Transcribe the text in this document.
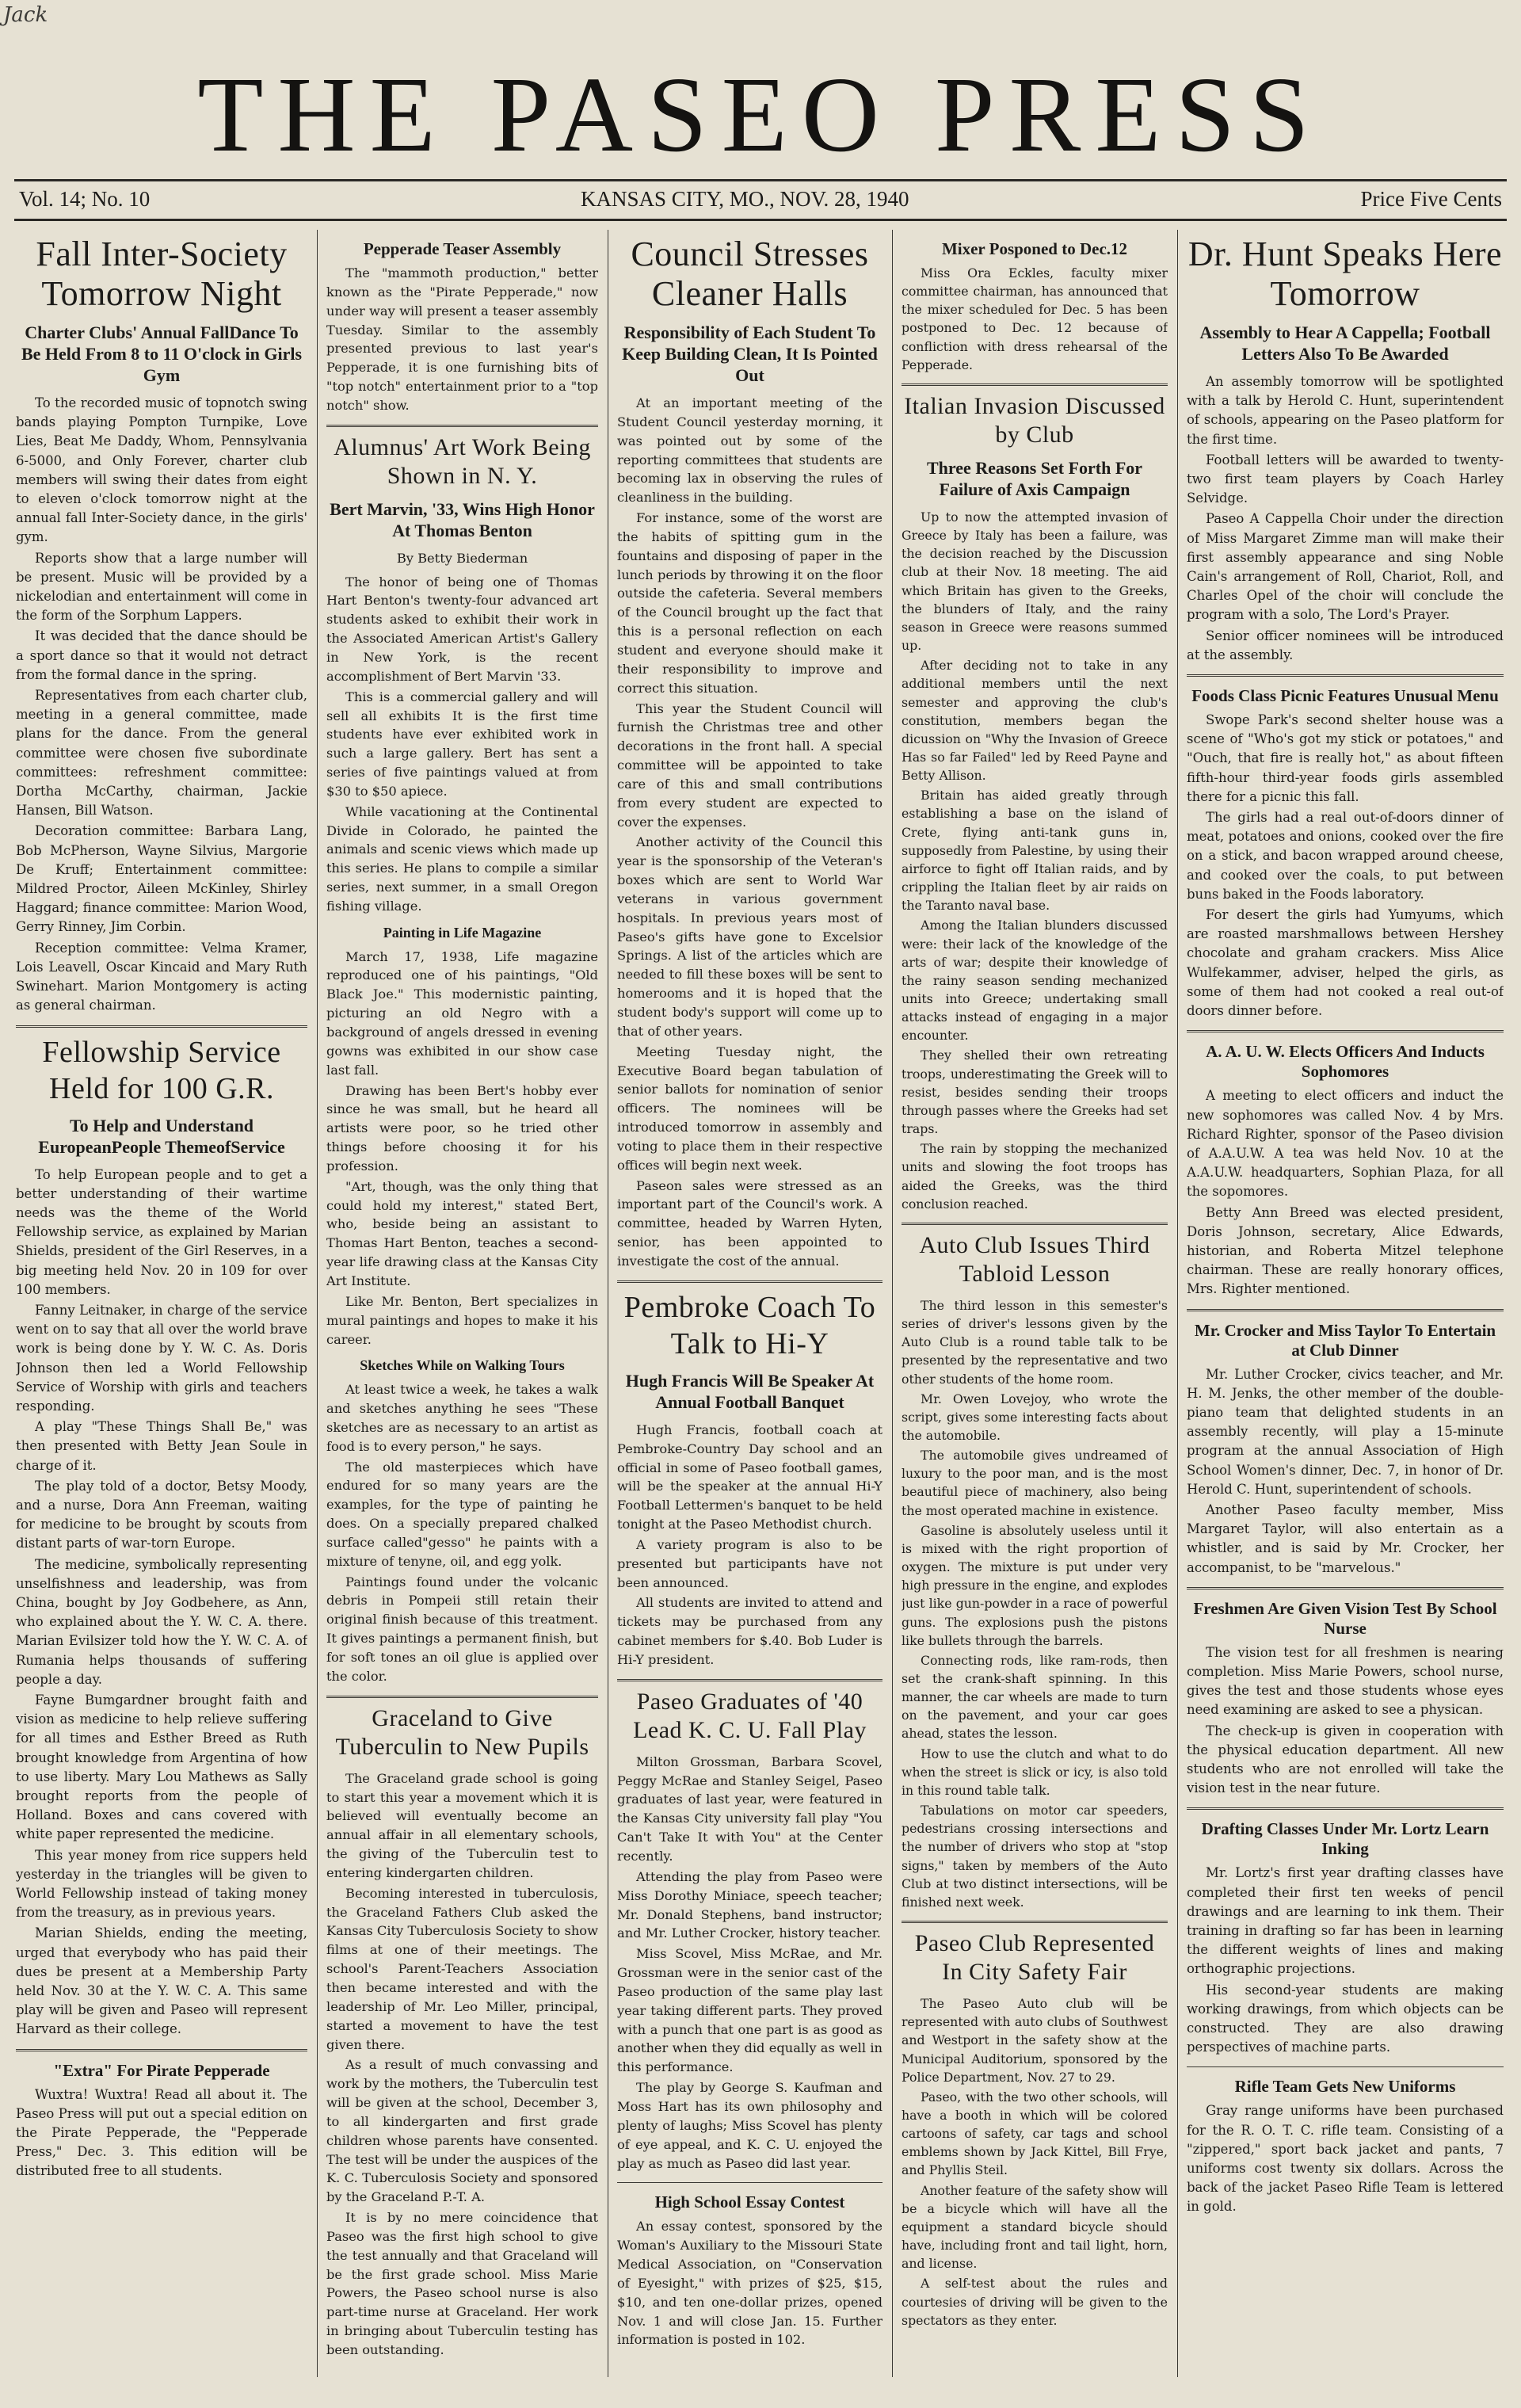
Jack
THE PASEO PRESS
Vol. 14; No. 10	KANSAS CITY, MO., NOV. 28, 1940	Price Five Cents
Fall Inter-Society Tomorrow Night
Charter Clubs' Annual FallDance To Be Held From 8 to 11 O'clock in Girls Gym

To the recorded music of topnotch swing bands playing Pompton Turnpike, Love Lies, Beat Me Daddy, Whom, Pennsylvania 6-5000, and Only Forever, charter club members will swing their dates from eight to eleven o'clock tomorrow night at the annual fall Inter-Society dance, in the girls' gym.

Reports show that a large number will be present. Music will be provided by a nickelodian and entertainment will come in the form of the Sorphum Lappers.

It was decided that the dance should be a sport dance so that it would not detract from the formal dance in the spring.

Representatives from each charter club, meeting in a general committee, made plans for the dance. From the general committee were chosen five subordinate committees: refreshment committee: Dortha McCarthy, chairman, Jackie Hansen, Bill Watson.

Decoration committee: Barbara Lang, Bob McPherson, Wayne Silvius, Margorie De Kruff; Entertainment committee: Mildred Proctor, Aileen McKinley, Shirley Haggard; finance committee: Marion Wood, Gerry Rinney, Jim Corbin.

Reception committee: Velma Kramer, Lois Leavell, Oscar Kincaid and Mary Ruth Swinehart. Marion Montgomery is acting as general chairman.

Fellowship Service Held for 100 G.R.
To Help and Understand EuropeanPeople ThemeofService

To help European people and to get a better understanding of their wartime needs was the theme of the World Fellowship service, as explained by Marian Shields, president of the Girl Reserves, in a big meeting held Nov. 20 in 109 for over 100 members.

Fanny Leitnaker, in charge of the service went on to say that all over the world brave work is being done by Y. W. C. As. Doris Johnson then led a World Fellowship Service of Worship with girls and teachers responding.

A play "These Things Shall Be," was then presented with Betty Jean Soule in charge of it.

The play told of a doctor, Betsy Moody, and a nurse, Dora Ann Freeman, waiting for medicine to be brought by scouts from distant parts of war-torn Europe.

The medicine, symbolically representing unselfishness and leadership, was from China, bought by Joy Godbehere, as Ann, who explained about the Y. W. C. A. there. Marian Evilsizer told how the Y. W. C. A. of Rumania helps thousands of suffering people a day.

Fayne Bumgardner brought faith and vision as medicine to help relieve suffering for all times and Esther Breed as Ruth brought knowledge from Argentina of how to use liberty. Mary Lou Mathews as Sally brought reports from the people of Holland. Boxes and cans covered with white paper represented the medicine.

This year money from rice suppers held yesterday in the triangles will be given to World Fellowship instead of taking money from the treasury, as in previous years.

Marian Shields, ending the meeting, urged that everybody who has paid their dues be present at a Membership Party held Nov. 30 at the Y. W. C. A. This same play will be given and Paseo will represent Harvard as their college.

"Extra" For Pirate Pepperade

Wuxtra! Wuxtra! Read all about it. The Paseo Press will put out a special edition on the Pirate Pepperade, the "Pepperade Press," Dec. 3. This edition will be distributed free to all students.

Pepperade Teaser Assembly

The "mammoth production," better known as the "Pirate Pepperade," now under way will present a teaser assembly Tuesday. Similar to the assembly presented previous to last year's Pepperade, it is one furnishing bits of "top notch" entertainment prior to a "top notch" show.

Alumnus' Art Work Being Shown in N. Y.
Bert Marvin, '33, Wins High Honor At Thomas Benton
By Betty Biederman

The honor of being one of Thomas Hart Benton's twenty-four advanced art students asked to exhibit their work in the Associated American Artist's Gallery in New York, is the recent accomplishment of Bert Marvin '33.

This is a commercial gallery and will sell all exhibits It is the first time students have ever exhibited work in such a large gallery. Bert has sent a series of five paintings valued at from $30 to $50 apiece.

While vacationing at the Continental Divide in Colorado, he painted the animals and scenic views which made up this series. He plans to compile a similar series, next summer, in a small Oregon fishing village.

Painting in Life Magazine

March 17, 1938, Life magazine reproduced one of his paintings, "Old Black Joe." This modernistic painting, picturing an old Negro with a background of angels dressed in evening gowns was exhibited in our show case last fall.

Drawing has been Bert's hobby ever since he was small, but he heard all artists were poor, so he tried other things before choosing it for his profession.

"Art, though, was the only thing that could hold my interest," stated Bert, who, beside being an assistant to Thomas Hart Benton, teaches a second-year life drawing class at the Kansas City Art Institute.

Like Mr. Benton, Bert specializes in mural paintings and hopes to make it his career.

Sketches While on Walking Tours

At least twice a week, he takes a walk and sketches anything he sees "These sketches are as necessary to an artist as food is to every person," he says.

The old masterpieces which have endured for so many years are the examples, for the type of painting he does. On a specially prepared chalked surface called"gesso" he paints with a mixture of tenyne, oil, and egg yolk.

Paintings found under the volcanic debris in Pompeii still retain their original finish because of this treatment. It gives paintings a permanent finish, but for soft tones an oil glue is applied over the color.

Graceland to Give Tuberculin to New Pupils

The Graceland grade school is going to start this year a movement which it is believed will eventually become an annual affair in all elementary schools, the giving of the Tuberculin test to entering kindergarten children.

Becoming interested in tuberculosis, the Graceland Fathers Club asked the Kansas City Tuberculosis Society to show films at one of their meetings. The school's Parent-Teachers Association then became interested and with the leadership of Mr. Leo Miller, principal, started a movement to have the test given there.

As a result of much convassing and work by the mothers, the Tuberculin test will be given at the school, December 3, to all kindergarten and first grade children whose parents have consented. The test will be under the auspices of the K. C. Tuberculosis Society and sponsored by the Graceland P.-T. A.

It is by no mere coincidence that Paseo was the first high school to give the test annually and that Graceland will be the first grade school. Miss Marie Powers, the Paseo school nurse is also part-time nurse at Graceland. Her work in bringing about Tuberculin testing has been outstanding.

Council Stresses Cleaner Halls
Responsibility of Each Student To Keep Building Clean, It Is Pointed Out

At an important meeting of the Student Council yesterday morning, it was pointed out by some of the reporting committees that students are becoming lax in observing the rules of cleanliness in the building.

For instance, some of the worst are the habits of spitting gum in the fountains and disposing of paper in the lunch periods by throwing it on the floor outside the cafeteria. Several members of the Council brought up the fact that this is a personal reflection on each student and everyone should make it their responsibility to improve and correct this situation.

This year the Student Council will furnish the Christmas tree and other decorations in the front hall. A special committee will be appointed to take care of this and small contributions from every student are expected to cover the expenses.

Another activity of the Council this year is the sponsorship of the Veteran's boxes which are sent to World War veterans in various government hospitals. In previous years most of Paseo's gifts have gone to Excelsior Springs. A list of the articles which are needed to fill these boxes will be sent to homerooms and it is hoped that the student body's support will come up to that of other years.

Meeting Tuesday night, the Executive Board began tabulation of senior ballots for nomination of senior officers. The nominees will be introduced tomorrow in assembly and voting to place them in their respective offices will begin next week.

Paseon sales were stressed as an important part of the Council's work. A committee, headed by Warren Hyten, senior, has been appointed to investigate the cost of the annual.

Pembroke Coach To Talk to Hi-Y
Hugh Francis Will Be Speaker At Annual Football Banquet

Hugh Francis, football coach at Pembroke-Country Day school and an official in some of Paseo football games, will be the speaker at the annual Hi-Y Football Lettermen's banquet to be held tonight at the Paseo Methodist church.

A variety program is also to be presented but participants have not been announced.

All students are invited to attend and tickets may be purchased from any cabinet members for $.40. Bob Luder is Hi-Y president.

Paseo Graduates of '40 Lead K. C. U. Fall Play

Milton Grossman, Barbara Scovel, Peggy McRae and Stanley Seigel, Paseo graduates of last year, were featured in the Kansas City university fall play "You Can't Take It with You" at the Center recently.

Attending the play from Paseo were Miss Dorothy Miniace, speech teacher; Mr. Donald Stephens, band instructor; and Mr. Luther Crocker, history teacher.

Miss Scovel, Miss McRae, and Mr. Grossman were in the senior cast of the Paseo production of the same play last year taking different parts. They proved with a punch that one part is as good as another when they did equally as well in this performance.

The play by George S. Kaufman and Moss Hart has its own philosophy and plenty of laughs; Miss Scovel has plenty of eye appeal, and K. C. U. enjoyed the play as much as Paseo did last year.

High School Essay Contest

An essay contest, sponsored by the Woman's Auxiliary to the Missouri State Medical Association, on "Conservation of Eyesight," with prizes of $25, $15, $10, and ten one-dollar prizes, opened Nov. 1 and will close Jan. 15. Further information is posted in 102.

Mixer Posponed to Dec.12

Miss Ora Eckles, faculty mixer committee chairman, has announced that the mixer scheduled for Dec. 5 has been postponed to Dec. 12 because of confliction with dress rehearsal of the Pepperade.

Italian Invasion Discussed by Club
Three Reasons Set Forth For Failure of Axis Campaign

Up to now the attempted invasion of Greece by Italy has been a failure, was the decision reached by the Discussion club at their Nov. 18 meeting. The aid which Britain has given to the Greeks, the blunders of Italy, and the rainy season in Greece were reasons summed up.

After deciding not to take in any additional members until the next semester and approving the club's constitution, members began the dicussion on "Why the Invasion of Greece Has so far Failed" led by Reed Payne and Betty Allison.

Britain has aided greatly through establishing a base on the island of Crete, flying anti-tank guns in, supposedly from Palestine, by using their airforce to fight off Italian raids, and by crippling the Italian fleet by air raids on the Taranto naval base.

Among the Italian blunders discussed were: their lack of the knowledge of the arts of war; despite their knowledge of the rainy season sending mechanized units into Greece; undertaking small attacks instead of engaging in a major encounter.

They shelled their own retreating troops, underestimating the Greek will to resist, besides sending their troops through passes where the Greeks had set traps.

The rain by stopping the mechanized units and slowing the foot troops has aided the Greeks, was the third conclusion reached.

Auto Club Issues Third Tabloid Lesson

The third lesson in this semester's series of driver's lessons given by the Auto Club is a round table talk to be presented by the representative and two other students of the home room.

Mr. Owen Lovejoy, who wrote the script, gives some interesting facts about the automobile.

The automobile gives undreamed of luxury to the poor man, and is the most beautiful piece of machinery, also being the most operated machine in existence.

Gasoline is absolutely useless until it is mixed with the right proportion of oxygen. The mixture is put under very high pressure in the engine, and explodes just like gun-powder in a race of powerful guns. The explosions push the pistons like bullets through the barrels.

Connecting rods, like ram-rods, then set the crank-shaft spinning. In this manner, the car wheels are made to turn on the pavement, and your car goes ahead, states the lesson.

How to use the clutch and what to do when the street is slick or icy, is also told in this round table talk.

Tabulations on motor car speeders, pedestrians crossing intersections and the number of drivers who stop at "stop signs," taken by members of the Auto Club at two distinct intersections, will be finished next week.

Paseo Club Represented In City Safety Fair

The Paseo Auto club will be represented with auto clubs of Southwest and Westport in the safety show at the Municipal Auditorium, sponsored by the Police Department, Nov. 27 to 29.

Paseo, with the two other schools, will have a booth in which will be colored cartoons of safety, car tags and school emblems shown by Jack Kittel, Bill Frye, and Phyllis Steil.

Another feature of the safety show will be a bicycle which will have all the equipment a standard bicycle should have, including front and tail light, horn, and license.

A self-test about the rules and courtesies of driving will be given to the spectators as they enter.

Dr. Hunt Speaks Here Tomorrow
Assembly to Hear A Cappella; Football Letters Also To Be Awarded

An assembly tomorrow will be spotlighted with a talk by Herold C. Hunt, superintendent of schools, appearing on the Paseo platform for the first time.

Football letters will be awarded to twenty-two first team players by Coach Harley Selvidge.

Paseo A Cappella Choir under the direction of Miss Margaret Zimme man will make their first assembly appearance and sing Noble Cain's arrangement of Roll, Chariot, Roll, and Charles Opel of the choir will conclude the program with a solo, The Lord's Prayer.

Senior officer nominees will be introduced at the assembly.

Foods Class Picnic Features Unusual Menu

Swope Park's second shelter house was a scene of "Who's got my stick or potatoes," and "Ouch, that fire is really hot," as about fifteen fifth-hour third-year foods girls assembled there for a picnic this fall.

The girls had a real out-of-doors dinner of meat, potatoes and onions, cooked over the fire on a stick, and bacon wrapped around cheese, and cooked over the coals, to put between buns baked in the Foods laboratory.

For desert the girls had Yumyums, which are roasted marshmallows between Hershey chocolate and graham crackers. Miss Alice Wulfekammer, adviser, helped the girls, as some of them had not cooked a real out-of doors dinner before.

A. A. U. W. Elects Officers And Inducts Sophomores

A meeting to elect officers and induct the new sophomores was called Nov. 4 by Mrs. Richard Righter, sponsor of the Paseo division of A.A.U.W. A tea was held Nov. 10 at the A.A.U.W. headquarters, Sophian Plaza, for all the sopomores.

Betty Ann Breed was elected president, Doris Johnson, secretary, Alice Edwards, historian, and Roberta Mitzel telephone chairman. These are really honorary offices, Mrs. Righter mentioned.

Mr. Crocker and Miss Taylor To Entertain at Club Dinner

Mr. Luther Crocker, civics teacher, and Mr. H. M. Jenks, the other member of the double-piano team that delighted students in an assembly recently, will play a 15-minute program at the annual Association of High School Women's dinner, Dec. 7, in honor of Dr. Herold C. Hunt, superintendent of schools.

Another Paseo faculty member, Miss Margaret Taylor, will also entertain as a whistler, and is said by Mr. Crocker, her accompanist, to be "marvelous."

Freshmen Are Given Vision Test By School Nurse

The vision test for all freshmen is nearing completion. Miss Marie Powers, school nurse, gives the test and those students whose eyes need examining are asked to see a physican.

The check-up is given in cooperation with the physical education department. All new students who are not enrolled will take the vision test in the near future.

Drafting Classes Under Mr. Lortz Learn Inking

Mr. Lortz's first year drafting classes have completed their first ten weeks of pencil drawings and are learning to ink them. Their training in drafting so far has been in learning the different weights of lines and making orthographic projections.

His second-year students are making working drawings, from which objects can be constructed. They are also drawing perspectives of machine parts.

Rifle Team Gets New Uniforms

Gray range uniforms have been purchased for the R. O. T. C. rifle team. Consisting of a "zippered," sport back jacket and pants, 7 uniforms cost twenty six dollars. Across the back of the jacket Paseo Rifle Team is lettered in gold.
